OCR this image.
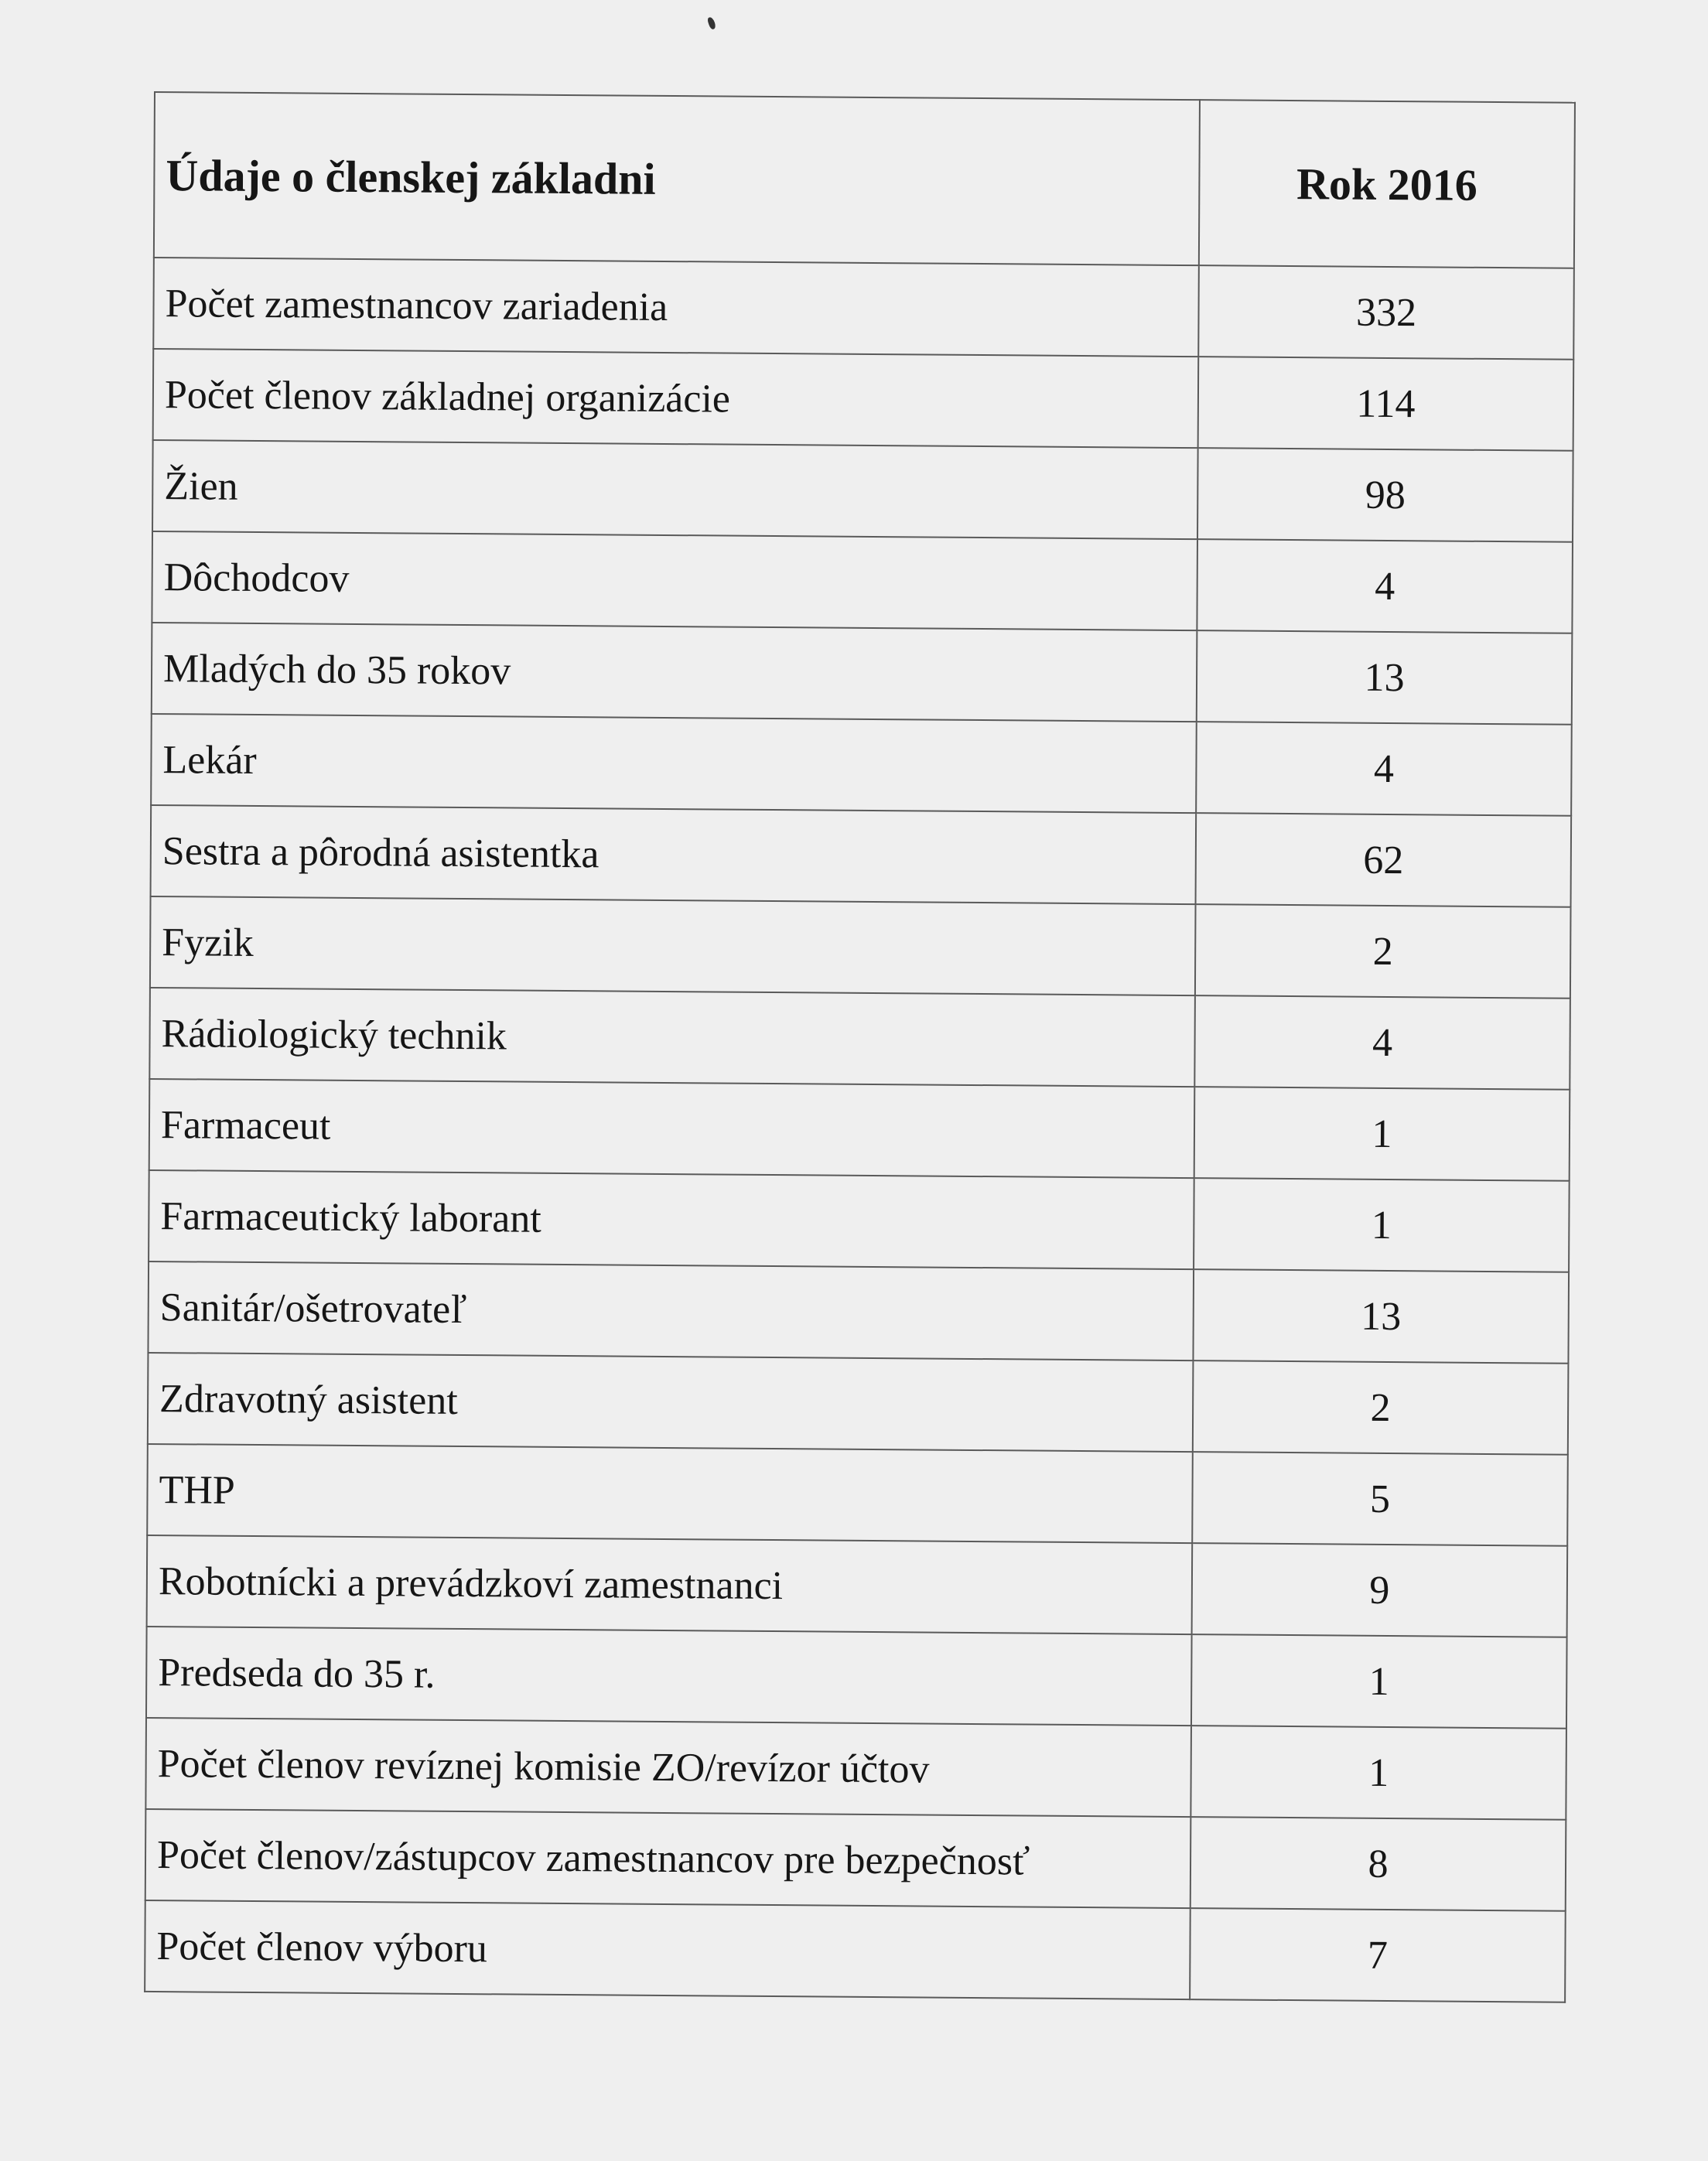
Údaje o členskej základni	Rok 2016
Počet zamestnancov zariadenia	332
Počet členov základnej organizácie	114
Žien	98
Dôchodcov	4
Mladých do 35 rokov	13
Lekár	4
Sestra a pôrodná asistentka	62
Fyzik	2
Rádiologický technik	4
Farmaceut	1
Farmaceutický laborant	1
Sanitár/ošetrovateľ	13
Zdravotný asistent	2
THP	5
Robotnícki a prevádzkoví zamestnanci	9
Predseda do 35 r.	1
Počet členov revíznej komisie ZO/revízor účtov	1
Počet členov/zástupcov zamestnancov pre bezpečnosť	8
Počet členov výboru	7
